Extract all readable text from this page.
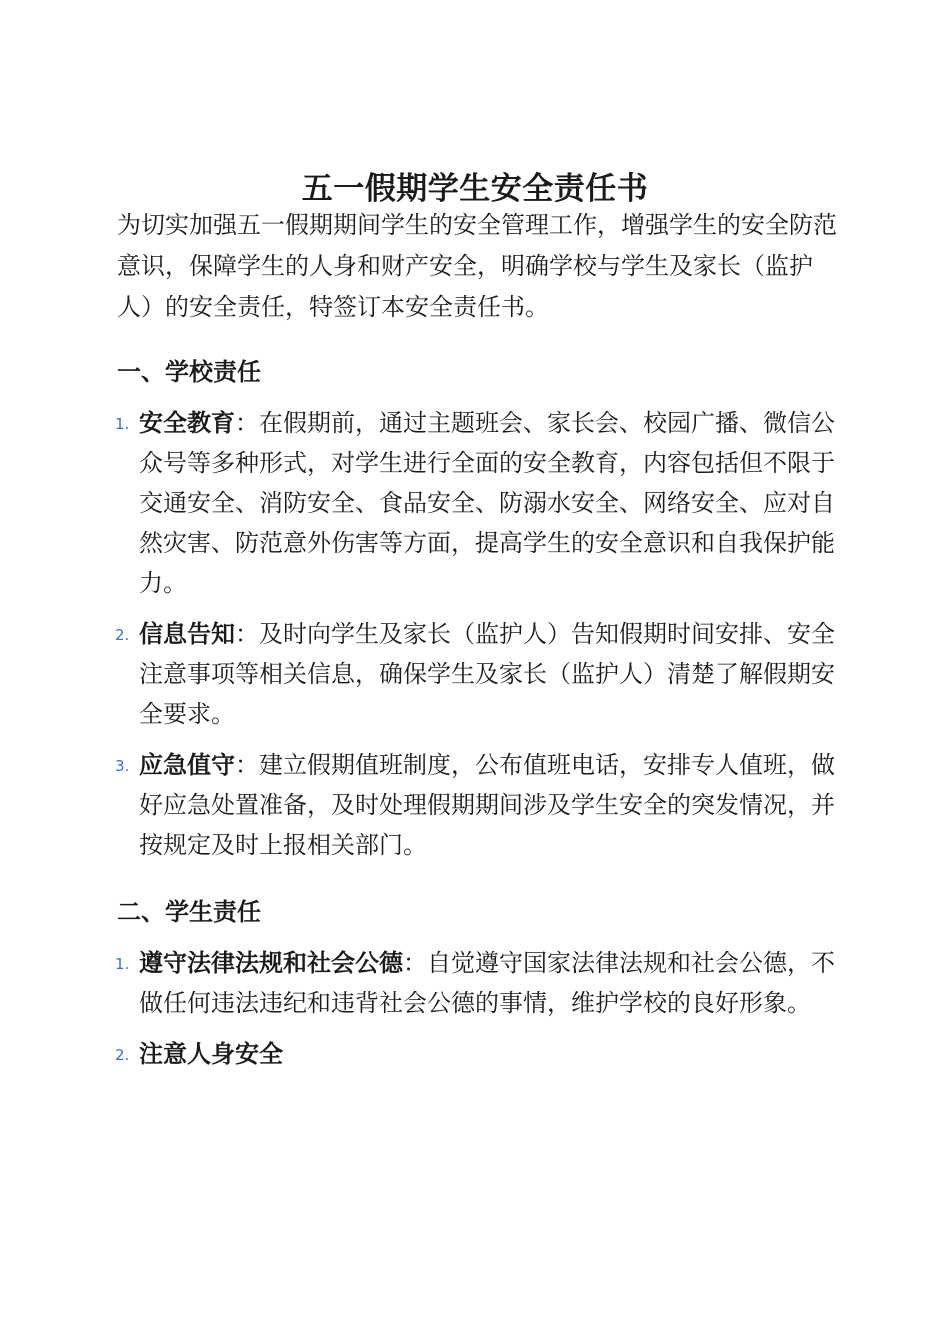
五一假期学生安全责任书

为切实加强五一假期期间学生的安全管理工作，增强学生的安全防范意识，保障学生的人身和财产安全，明确学校与学生及家长（监护人）的安全责任，特签订本安全责任书。

一、学校责任
1. 安全教育：在假期前，通过主题班会、家长会、校园广播、微信公众号等多种形式，对学生进行全面的安全教育，内容包括但不限于交通安全、消防安全、食品安全、防溺水安全、网络安全、应对自然灾害、防范意外伤害等方面，提高学生的安全意识和自我保护能力。
2. 信息告知：及时向学生及家长（监护人）告知假期时间安排、安全注意事项等相关信息，确保学生及家长（监护人）清楚了解假期安全要求。
3. 应急值守：建立假期值班制度，公布值班电话，安排专人值班，做好应急处置准备，及时处理假期期间涉及学生安全的突发情况，并按规定及时上报相关部门。
二、学生责任
1. 遵守法律法规和社会公德：自觉遵守国家法律法规和社会公德，不做任何违法违纪和违背社会公德的事情，维护学校的良好形象。
2. 注意人身安全
